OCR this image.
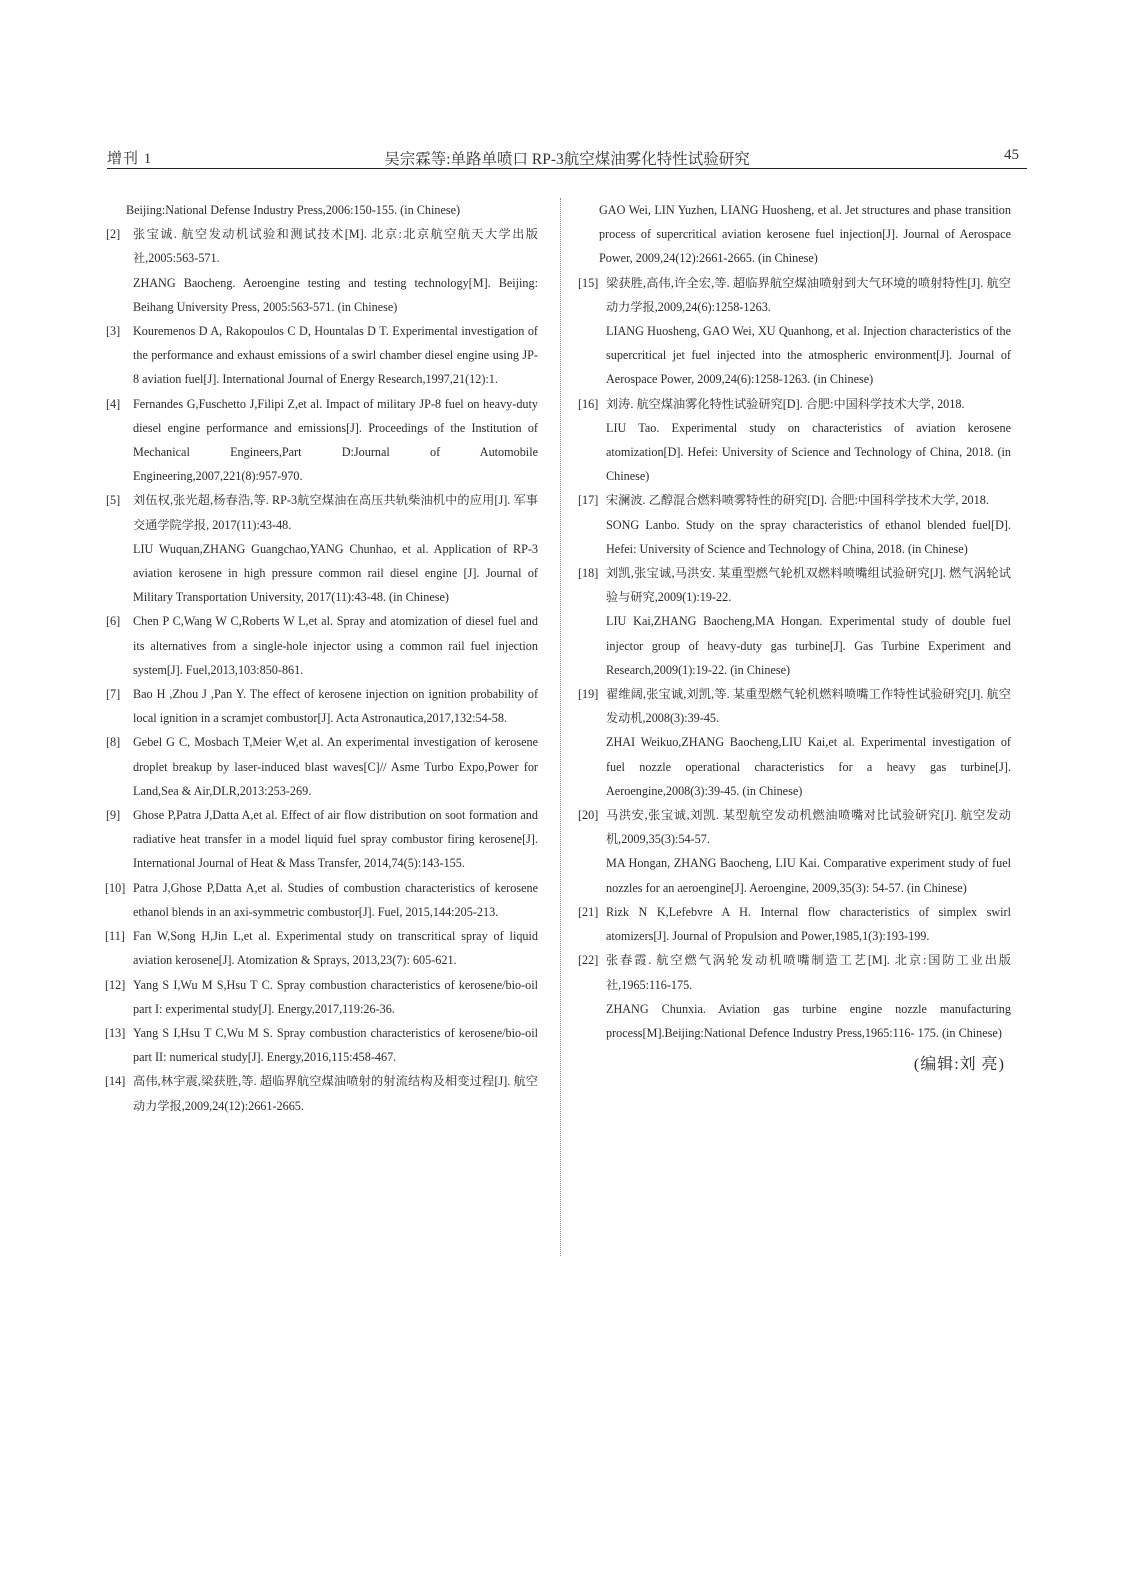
增刊 1	吴宗霖等:单路单喷口 RP-3航空煤油雾化特性试验研究	45
Beijing:National Defense Industry Press,2006:150-155. (in Chinese)
[2] 张宝诚. 航空发动机试验和测试技术[M]. 北京:北京航空航天大学出版社,2005:563-571.
ZHANG Baocheng. Aeroengine testing and testing technology[M]. Beijing: Beihang University Press, 2005:563-571. (in Chinese)
[3] Kouremenos D A, Rakopoulos C D, Hountalas D T. Experimental investigation of the performance and exhaust emissions of a swirl chamber diesel engine using JP-8 aviation fuel[J]. International Journal of Energy Research,1997,21(12):1.
[4] Fernandes G,Fuschetto J,Filipi Z,et al. Impact of military JP-8 fuel on heavy-duty diesel engine performance and emissions[J]. Proceedings of the Institution of Mechanical Engineers,Part D:Journal of Automobile Engineering,2007,221(8):957-970.
[5] 刘伍权,张光超,杨春浩,等. RP-3航空煤油在高压共轨柴油机中的应用[J]. 军事交通学院学报, 2017(11):43-48.
LIU Wuquan,ZHANG Guangchao,YANG Chunhao, et al. Application of RP-3 aviation kerosene in high pressure common rail diesel engine [J]. Journal of Military Transportation University, 2017(11):43-48. (in Chinese)
[6] Chen P C,Wang W C,Roberts W L,et al. Spray and atomization of diesel fuel and its alternatives from a single-hole injector using a common rail fuel injection system[J]. Fuel,2013,103:850-861.
[7] Bao H ,Zhou J ,Pan Y. The effect of kerosene injection on ignition probability of local ignition in a scramjet combustor[J]. Acta Astronautica,2017,132:54-58.
[8] Gebel G C, Mosbach T,Meier W,et al. An experimental investigation of kerosene droplet breakup by laser-induced blast waves[C]// Asme Turbo Expo,Power for Land,Sea & Air,DLR,2013:253-269.
[9] Ghose P,Patra J,Datta A,et al. Effect of air flow distribution on soot formation and radiative heat transfer in a model liquid fuel spray combustor firing kerosene[J]. International Journal of Heat & Mass Transfer, 2014,74(5):143-155.
[10] Patra J,Ghose P,Datta A,et al. Studies of combustion characteristics of kerosene ethanol blends in an axi-symmetric combustor[J]. Fuel, 2015,144:205-213.
[11] Fan W,Song H,Jin L,et al. Experimental study on transcritical spray of liquid aviation kerosene[J]. Atomization & Sprays, 2013,23(7): 605-621.
[12] Yang S I,Wu M S,Hsu T C. Spray combustion characteristics of kerosene/bio-oil part I: experimental study[J]. Energy,2017,119:26-36.
[13] Yang S I,Hsu T C,Wu M S. Spray combustion characteristics of kerosene/bio-oil part II: numerical study[J]. Energy,2016,115:458-467.
[14] 高伟,林宇震,梁获胜,等. 超临界航空煤油喷射的射流结构及相变过程[J]. 航空动力学报,2009,24(12):2661-2665.
GAO Wei, LIN Yuzhen, LIANG Huosheng, et al. Jet structures and phase transition process of supercritical aviation kerosene fuel injection[J]. Journal of Aerospace Power, 2009,24(12):2661-2665. (in Chinese)
[15] 梁获胜,高伟,许全宏,等. 超临界航空煤油喷射到大气环境的喷射特性[J]. 航空动力学报,2009,24(6):1258-1263.
LIANG Huosheng, GAO Wei, XU Quanhong, et al. Injection characteristics of the supercritical jet fuel injected into the atmospheric environment[J]. Journal of Aerospace Power, 2009,24(6):1258-1263. (in Chinese)
[16] 刘涛. 航空煤油雾化特性试验研究[D]. 合肥:中国科学技术大学, 2018.
LIU Tao. Experimental study on characteristics of aviation kerosene atomization[D]. Hefei: University of Science and Technology of China, 2018. (in Chinese)
[17] 宋澜波. 乙醇混合燃料喷雾特性的研究[D]. 合肥:中国科学技术大学, 2018.
SONG Lanbo. Study on the spray characteristics of ethanol blended fuel[D]. Hefei: University of Science and Technology of China, 2018. (in Chinese)
[18] 刘凯,张宝诚,马洪安. 某重型燃气轮机双燃料喷嘴组试验研究[J]. 燃气涡轮试验与研究,2009(1):19-22.
LIU Kai,ZHANG Baocheng,MA Hongan. Experimental study of double fuel injector group of heavy-duty gas turbine[J]. Gas Turbine Experiment and Research,2009(1):19-22. (in Chinese)
[19] 翟维阔,张宝诚,刘凯,等. 某重型燃气轮机燃料喷嘴工作特性试验研究[J]. 航空发动机,2008(3):39-45.
ZHAI Weikuo,ZHANG Baocheng,LIU Kai,et al. Experimental investigation of fuel nozzle operational characteristics for a heavy gas turbine[J]. Aeroengine,2008(3):39-45. (in Chinese)
[20] 马洪安,张宝诚,刘凯. 某型航空发动机燃油喷嘴对比试验研究[J]. 航空发动机,2009,35(3):54-57.
MA Hongan, ZHANG Baocheng, LIU Kai. Comparative experiment study of fuel nozzles for an aeroengine[J]. Aeroengine, 2009,35(3): 54-57. (in Chinese)
[21] Rizk N K,Lefebvre A H. Internal flow characteristics of simplex swirl atomizers[J]. Journal of Propulsion and Power,1985,1(3):193-199.
[22] 张春霞. 航空燃气涡轮发动机喷嘴制造工艺[M]. 北京:国防工业出版社,1965:116-175.
ZHANG Chunxia. Aviation gas turbine engine nozzle manufacturing process[M].Beijing:National Defence Industry Press,1965:116- 175. (in Chinese)
(编辑:刘 亮)
